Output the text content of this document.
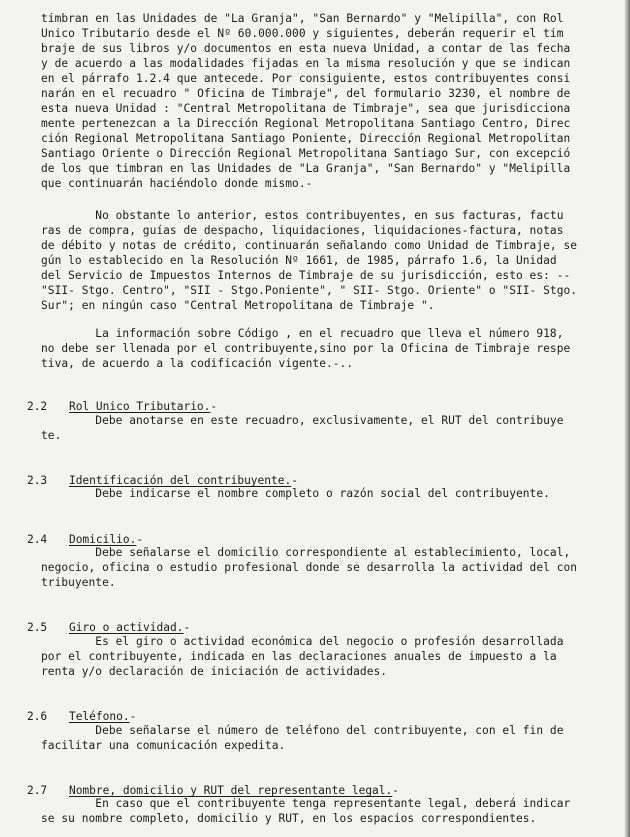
timbran en las Unidades de "La Granja", "San Bernardo" y "Melipilla", con Rol
Unico Tributario desde el Nº 60.000.000 y siguientes, deberán requerir el tim
braje de sus libros y/o documentos en esta nueva Unidad, a contar de las fecha
y de acuerdo a las modalidades fijadas en la misma resolución y que se indican
en el párrafo 1.2.4 que antecede. Por consiguiente, estos contribuyentes consi
narán en el recuadro " Oficina de Timbraje", del formulario 3230, el nombre de
esta nueva Unidad : "Central Metropolitana de Timbraje", sea que jurisdicciona
mente pertenezcan a la Dirección Regional Metropolitana Santiago Centro, Direc
ción Regional Metropolitana Santiago Poniente, Dirección Regional Metropolitan
Santiago Oriente o Dirección Regional Metropolitana Santiago Sur, con excepció
de los que timbran en las Unidades de "La Granja", "San Bernardo" y "Melipilla
que continuarán haciéndolo donde mismo.-
No obstante lo anterior, estos contribuyentes, en sus facturas, factu
ras de compra, guías de despacho, liquidaciones, liquidaciones-factura, notas
de débito y notas de crédito, continuarán señalando como Unidad de Timbraje, se
gún lo establecido en la Resolución Nº 1661, de 1985, párrafo 1.6, la Unidad
del Servicio de Impuestos Internos de Timbraje de su jurisdicción, esto es: --
"SII- Stgo. Centro", "SII - Stgo.Poniente", " SII- Stgo. Oriente" o "SII- Stgo.
Sur"; en ningún caso "Central Metropolitana de Timbraje ".
La información sobre Código , en el recuadro que lleva el número 918,
no debe ser llenada por el contribuyente,sino por la Oficina de Timbraje respe
tiva, de acuerdo a la codificación vigente.-..

2.2 Rol Unico Tributario.-

Debe anotarse en este recuadro, exclusivamente, el RUT del contribuye
te.

2.3 Identificación del contribuyente.-

Debe indicarse el nombre completo o razón social del contribuyente.

2.4 Domicilio.-

Debe señalarse el domicilio correspondiente al establecimiento, local,
negocio, oficina o estudio profesional donde se desarrolla la actividad del con
tribuyente.

2.5 Giro o actividad.-

Es el giro o actividad económica del negocio o profesión desarrollada
por el contribuyente, indicada en las declaraciones anuales de impuesto a la
renta y/o declaración de iniciación de actividades.

2.6 Teléfono.-

Debe señalarse el número de teléfono del contribuyente, con el fin de
facilitar una comunicación expedita.

2.7 Nombre, domicilio y RUT del representante legal.-

En caso que el contribuyente tenga representante legal, deberá indicar
se su nombre completo, domicilio y RUT, en los espacios correspondientes.
